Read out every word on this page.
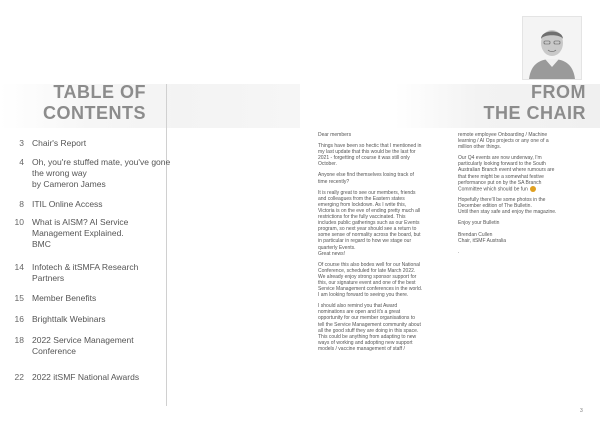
TABLE OF
CONTENTS
3 Chair's Report
4 Oh, you're stuffed mate, you've gone the wrong way
by Cameron James
8 ITIL Online Access
10 What is AISM? AI Service Management Explained.
BMC
14 Infotech & itSMFA Research Partners
15 Member Benefits
16 Brighttalk Webinars
18 2022 Service Management Conference
22 2022 itSMF National Awards
FROM
THE CHAIR

Dear members

Things have been so hectic that I mentioned in
my last update that this would be the last for
2021 - forgetting of course it was still only
October.

Anyone else find themselves losing track of
time recently?

It is really great to see our members, friends
and colleagues from the Eastern states
emerging from lockdown. As I write this,
Victoria is on the eve of ending pretty much all
restrictions for the fully vaccinated. This
includes public gatherings such as our Events
program, so next year should see a return to
some sense of normality across the board, but
in particular in regard to how we stage our
quarterly Events.
Great news!

Of course this also bodes well for our National
Conference, scheduled for late March 2022.
We already enjoy strong sponsor support for
this, our signature event and one of the best
Service Management conferences in the world.
I am looking forward to seeing you there.

I should also remind you that Award
nominations are open and it's a great
opportunity for our member organisations to
tell the Service Management community about
all the good stuff they are doing in this space.
This could be anything from adapting to new
ways of working and adopting new support
models / vaccine management of staff /

remote employee Onboarding / Machine
learning / AI Ops projects or any one of a
million other things.

Our Q4 events are now underway, I'm
particularly looking forward to the South
Australian Branch event where rumours are
that there might be a somewhat festive
performance put on by the SA Branch
Committee which should be fun

Hopefully there'll be some photos in the
December edition of The Bulletin.
Until then stay safe and enjoy the magazine.

Enjoy your Bulletin

Brendan Cullen
Chair, itSMF Australia

.

3
